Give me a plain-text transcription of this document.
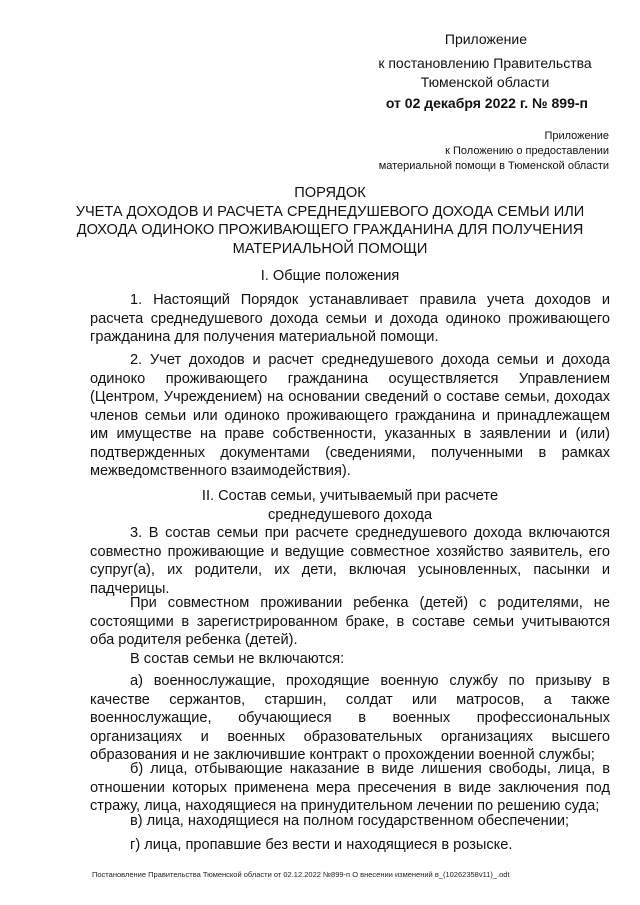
Приложение
к постановлению Правительства
Тюменской области
от 02 декабря 2022 г. № 899-п
Приложение
к Положению о предоставлении
материальной помощи в Тюменской области
ПОРЯДОК
УЧЕТА ДОХОДОВ И РАСЧЕТА СРЕДНЕДУШЕВОГО ДОХОДА СЕМЬИ ИЛИ
ДОХОДА ОДИНОКО ПРОЖИВАЮЩЕГО ГРАЖДАНИНА ДЛЯ ПОЛУЧЕНИЯ
МАТЕРИАЛЬНОЙ ПОМОЩИ
I. Общие положения

1. Настоящий Порядок устанавливает правила учета доходов и расчета среднедушевого дохода семьи и дохода одиноко проживающего гражданина для получения материальной помощи.

2. Учет доходов и расчет среднедушевого дохода семьи и дохода одиноко проживающего гражданина осуществляется Управлением (Центром, Учреждением) на основании сведений о составе семьи, доходах членов семьи или одиноко проживающего гражданина и принадлежащем им имуществе на праве собственности, указанных в заявлении и (или) подтвержденных документами (сведениями, полученными в рамках межведомственного взаимодействия).

II. Состав семьи, учитываемый при расчете
среднедушевого дохода

3. В состав семьи при расчете среднедушевого дохода включаются совместно проживающие и ведущие совместное хозяйство заявитель, его супруг(а), их родители, их дети, включая усыновленных, пасынки и падчерицы.

При совместном проживании ребенка (детей) с родителями, не состоящими в зарегистрированном браке, в составе семьи учитываются оба родителя ребенка (детей).

В состав семьи не включаются:

а) военнослужащие, проходящие военную службу по призыву в качестве сержантов, старшин, солдат или матросов, а также военнослужащие, обучающиеся в военных профессиональных организациях и военных образовательных организациях высшего образования и не заключившие контракт о прохождении военной службы;

б) лица, отбывающие наказание в виде лишения свободы, лица, в отношении которых применена мера пресечения в виде заключения под стражу, лица, находящиеся на принудительном лечении по решению суда;

в) лица, находящиеся на полном государственном обеспечении;

г) лица, пропавшие без вести и находящиеся в розыске.

Постановление Правительства Тюменской области от 02.12.2022 №899-п О внесении изменений в_(10262358v11)_.odt
